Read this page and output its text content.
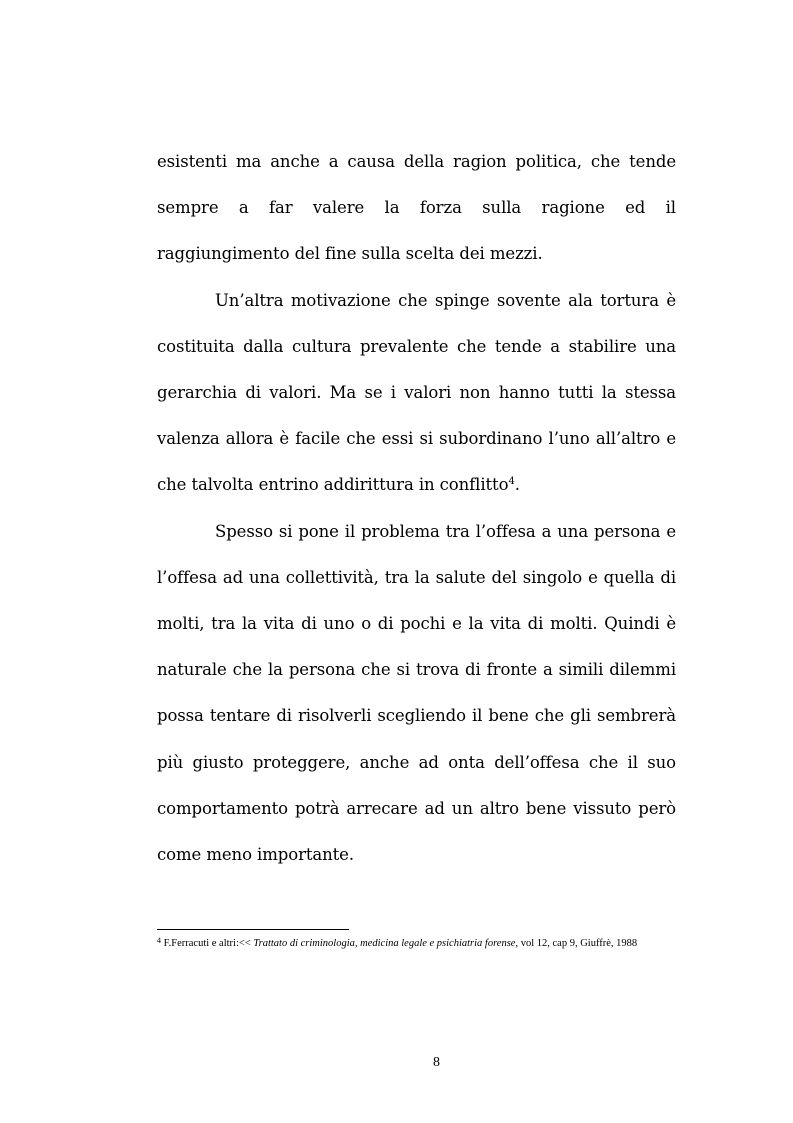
esistenti ma anche a causa della ragion politica, che tende sempre a far valere la forza sulla ragione ed il raggiungimento del fine sulla scelta dei mezzi.

Un’altra motivazione che spinge sovente ala tortura è costituita dalla cultura prevalente che tende a stabilire una gerarchia di valori. Ma se i valori non hanno tutti la stessa valenza allora è facile che essi si subordinano l’uno all’altro e che talvolta entrino addirittura in conflitto$^4$.

Spesso si pone il problema tra l’offesa a una persona e l’offesa ad una collettività, tra la salute del singolo e quella di molti, tra la vita di uno o di pochi e la vita di molti. Quindi è naturale che la persona che si trova di fronte a simili dilemmi possa tentare di risolverli scegliendo il bene che gli sembrerà più giusto proteggere, anche ad onta dell’offesa che il suo comportamento potrà arrecare ad un altro bene vissuto però come meno importante.

$^4$ F.Ferracuti e altri:<< Trattato di criminologia, medicina legale e psichiatria forense, vol 12, cap 9, Giuffrè, 1988
8
